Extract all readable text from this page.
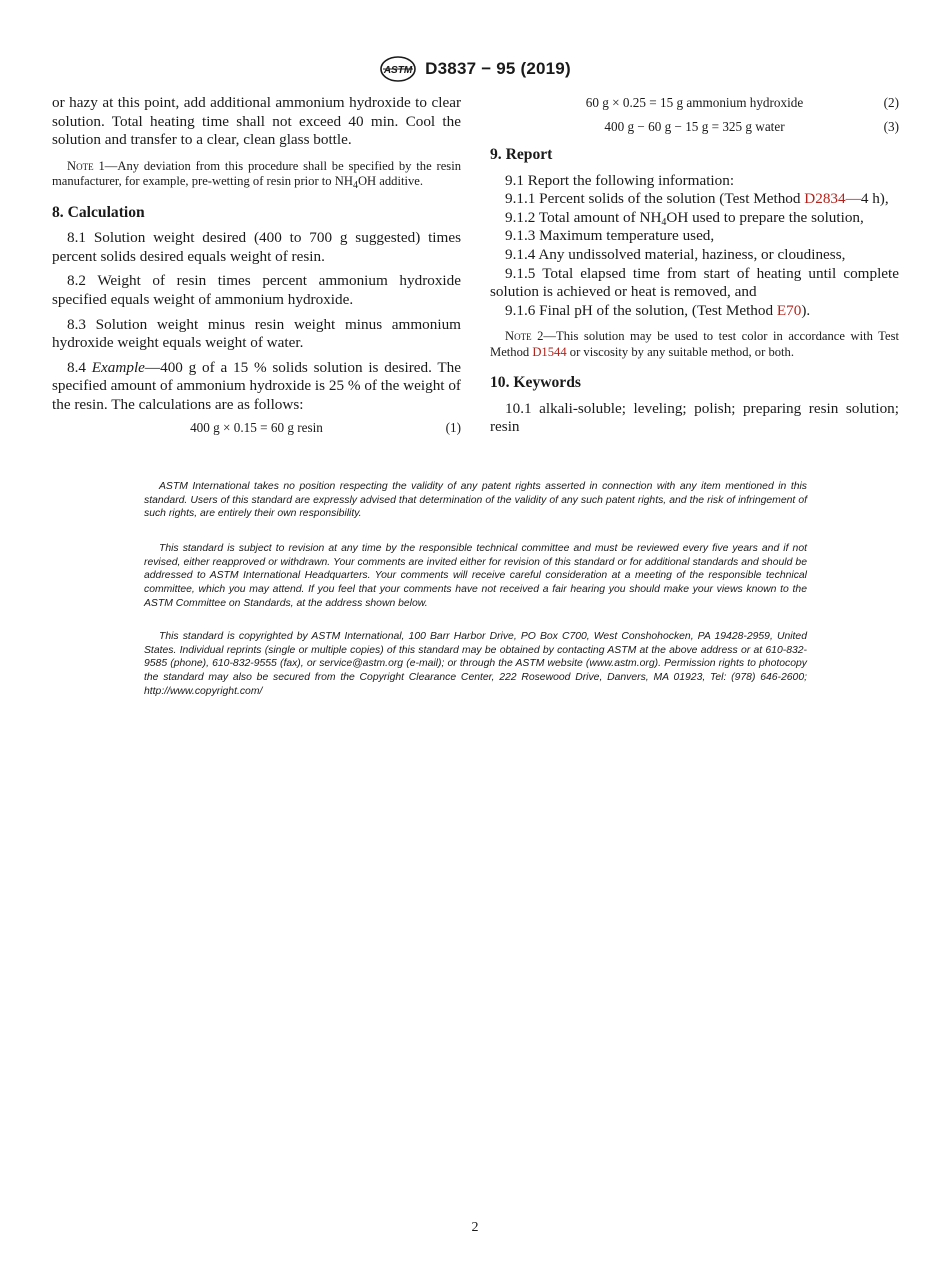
ASTM D3837 − 95 (2019)

or hazy at this point, add additional ammonium hydroxide to clear solution. Total heating time shall not exceed 40 min. Cool the solution and transfer to a clear, clean glass bottle.

Note 1—Any deviation from this procedure shall be specified by the resin manufacturer, for example, pre-wetting of resin prior to $NH_4OH$ additive.

8. Calculation

8.1 Solution weight desired (400 to 700 g suggested) times percent solids desired equals weight of resin.

8.2 Weight of resin times percent ammonium hydroxide specified equals weight of ammonium hydroxide.

8.3 Solution weight minus resin weight minus ammonium hydroxide weight equals weight of water.

8.4 Example—400 g of a 15 % solids solution is desired. The specified amount of ammonium hydroxide is 25 % of the weight of the resin. The calculations are as follows:

400 g × 0.15 = 60 g resin	(1)
60 g × 0.25 = 15 g ammonium hydroxide	(2)
400 g − 60 g − 15 g = 325 g water	(3)
9. Report

9.1 Report the following information:

9.1.1 Percent solids of the solution (Test Method D2834—4 h),

9.1.2 Total amount of $NH_4OH$ used to prepare the solution,

9.1.3 Maximum temperature used,

9.1.4 Any undissolved material, haziness, or cloudiness,

9.1.5 Total elapsed time from start of heating until complete solution is achieved or heat is removed, and

9.1.6 Final pH of the solution, (Test Method E70).

Note 2—This solution may be used to test color in accordance with Test Method D1544 or viscosity by any suitable method, or both.

10. Keywords

10.1 alkali-soluble; leveling; polish; preparing resin solution; resin

ASTM International takes no position respecting the validity of any patent rights asserted in connection with any item mentioned in this standard. Users of this standard are expressly advised that determination of the validity of any such patent rights, and the risk of infringement of such rights, are entirely their own responsibility.

This standard is subject to revision at any time by the responsible technical committee and must be reviewed every five years and if not revised, either reapproved or withdrawn. Your comments are invited either for revision of this standard or for additional standards and should be addressed to ASTM International Headquarters. Your comments will receive careful consideration at a meeting of the responsible technical committee, which you may attend. If you feel that your comments have not received a fair hearing you should make your views known to the ASTM Committee on Standards, at the address shown below.

This standard is copyrighted by ASTM International, 100 Barr Harbor Drive, PO Box C700, West Conshohocken, PA 19428-2959, United States. Individual reprints (single or multiple copies) of this standard may be obtained by contacting ASTM at the above address or at 610-832-9585 (phone), 610-832-9555 (fax), or service@astm.org (e-mail); or through the ASTM website (www.astm.org). Permission rights to photocopy the standard may also be secured from the Copyright Clearance Center, 222 Rosewood Drive, Danvers, MA 01923, Tel: (978) 646-2600; http://www.copyright.com/

2
